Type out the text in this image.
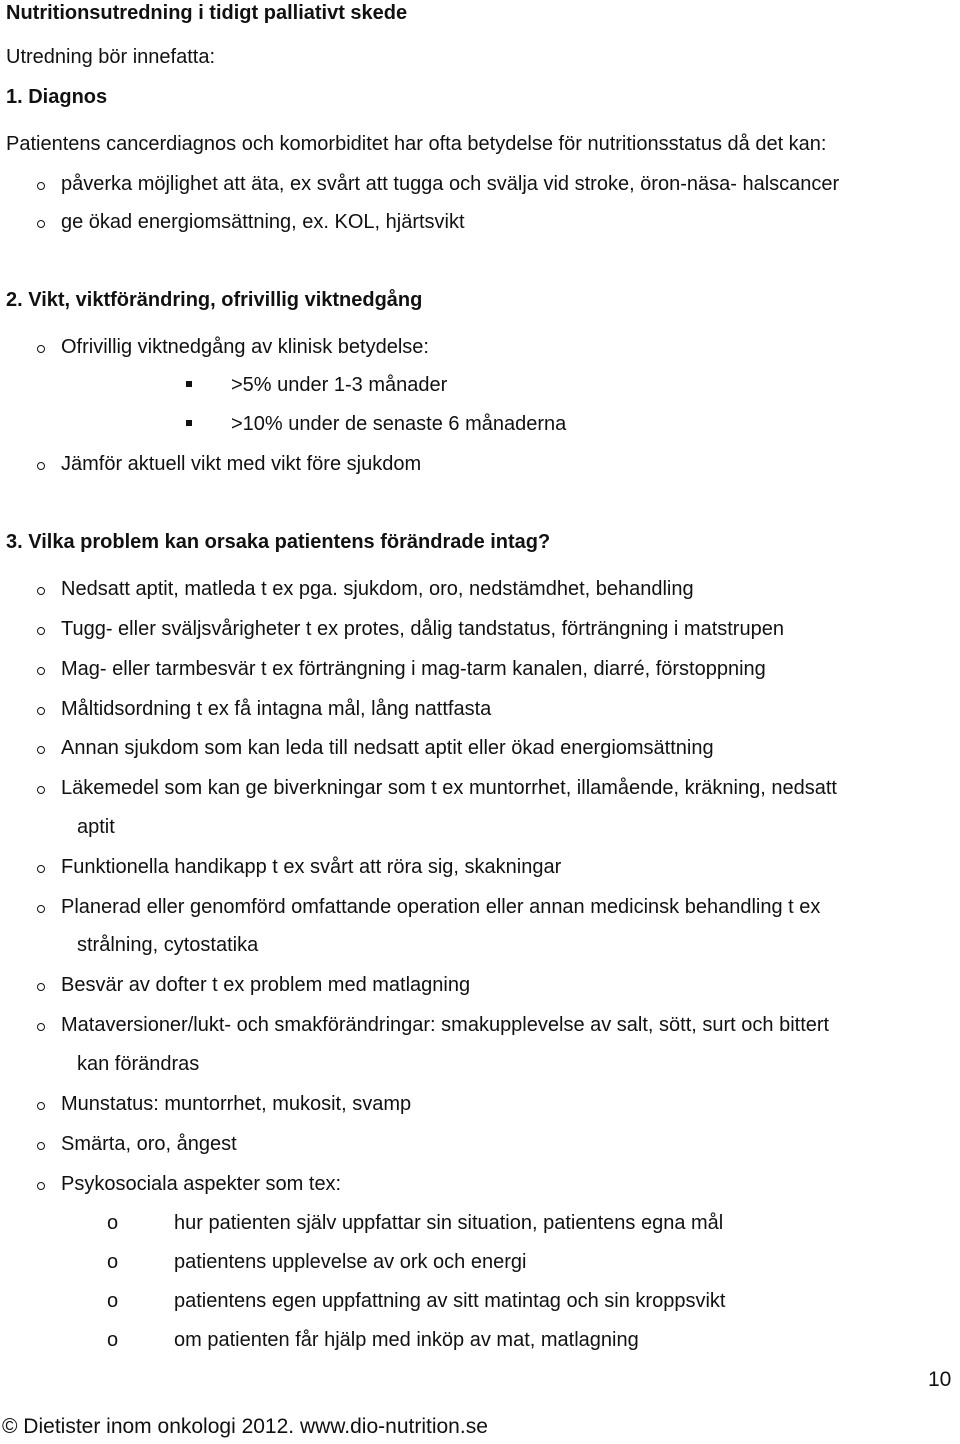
Nutritionsutredning i tidigt palliativt skede
Utredning bör innefatta:
1. Diagnos
Patientens cancerdiagnos och komorbiditet har ofta betydelse för nutritionsstatus då det kan:
påverka möjlighet att äta, ex svårt att tugga och svälja vid stroke, öron-näsa- halscancer
ge ökad energiomsättning, ex. KOL, hjärtsvikt
2. Vikt, viktförändring, ofrivillig viktnedgång
Ofrivillig viktnedgång av klinisk betydelse:
>5% under 1-3 månader
>10% under de senaste 6 månaderna
Jämför aktuell vikt med vikt före sjukdom
3. Vilka problem kan orsaka patientens förändrade intag?
Nedsatt aptit, matleda t ex pga. sjukdom, oro, nedstämdhet, behandling
Tugg- eller sväljsvårigheter t ex protes, dålig tandstatus, förträngning i matstrupen
Mag- eller tarmbesvär t ex förträngning i mag-tarm kanalen, diarré, förstoppning
Måltidsordning t ex få intagna mål, lång nattfasta
Annan sjukdom som kan leda till nedsatt aptit eller ökad energiomsättning
Läkemedel som kan ge biverkningar som t ex muntorrhet, illamående, kräkning, nedsatt
aptit
Funktionella handikapp t ex svårt att röra sig, skakningar
Planerad eller genomförd omfattande operation eller annan medicinsk behandling t ex
strålning, cytostatika
Besvär av dofter t ex problem med matlagning
Mataversioner/lukt- och smakförändringar: smakupplevelse av salt, sött, surt och bittert
kan förändras
Munstatus: muntorrhet, mukosit, svamp
Smärta, oro, ångest
Psykosociala aspekter som tex:
o	hur patienten själv uppfattar sin situation, patientens egna mål
o	patientens upplevelse av ork och energi
o	patientens egen uppfattning av sitt matintag och sin kroppsvikt
o	om patienten får hjälp med inköp av mat, matlagning
10
© Dietister inom onkologi 2012. www.dio-nutrition.se
